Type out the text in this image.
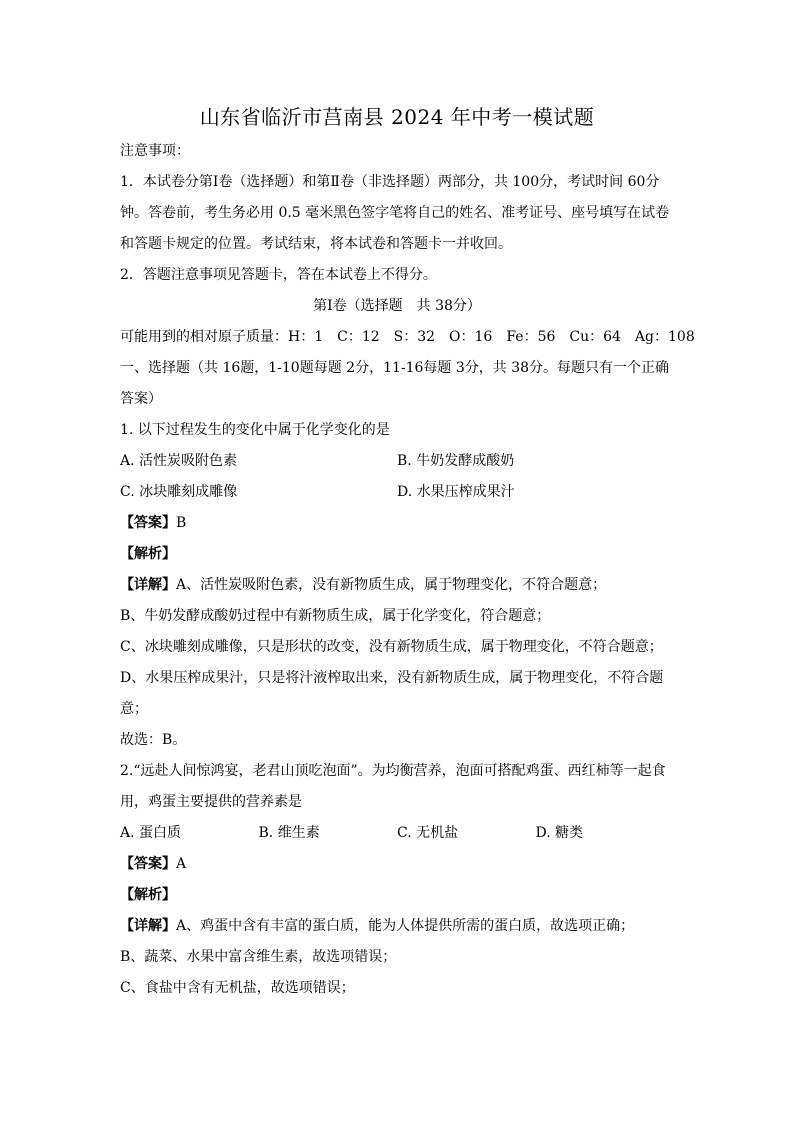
山东省临沂市莒南县 2024 年中考一模试题
注意事项：
1．本试卷分第Ⅰ卷（选择题）和第Ⅱ卷（非选择题）两部分，共 100分，考试时间 60分
钟。答卷前，考生务必用 0.5 毫米黑色签字笔将自己的姓名、准考证号、座号填写在试卷
和答题卡规定的位置。考试结束，将本试卷和答题卡一并收回。
2．答题注意事项见答题卡，答在本试卷上不得分。
第Ⅰ卷（选择题　共 38分）
可能用到的相对原子质量：H：1　C：12　S：32　O：16　Fe：56　Cu：64　Ag：108
一、选择题（共 16题，1-10题每题 2分，11-16每题 3分，共 38分。每题只有一个正确
答案）
1. 以下过程发生的变化中属于化学变化的是
A. 活性炭吸附色素	B. 牛奶发酵成酸奶
C. 冰块雕刻成雕像	D. 水果压榨成果汁
【答案】B
【解析】
【详解】A、活性炭吸附色素，没有新物质生成，属于物理变化，不符合题意；
B、牛奶发酵成酸奶过程中有新物质生成，属于化学变化，符合题意；
C、冰块雕刻成雕像，只是形状的改变，没有新物质生成，属于物理变化，不符合题意；
D、水果压榨成果汁，只是将汁液榨取出来，没有新物质生成，属于物理变化，不符合题
意；
故选：B。
2.“远赴人间惊鸿宴，老君山顶吃泡面”。为均衡营养，泡面可搭配鸡蛋、西红柿等一起食
用，鸡蛋主要提供的营养素是
A. 蛋白质	B. 维生素	C. 无机盐	D. 糖类
【答案】A
【解析】
【详解】A、鸡蛋中含有丰富的蛋白质，能为人体提供所需的蛋白质，故选项正确；
B、蔬菜、水果中富含维生素，故选项错误；
C、食盐中含有无机盐，故选项错误；
